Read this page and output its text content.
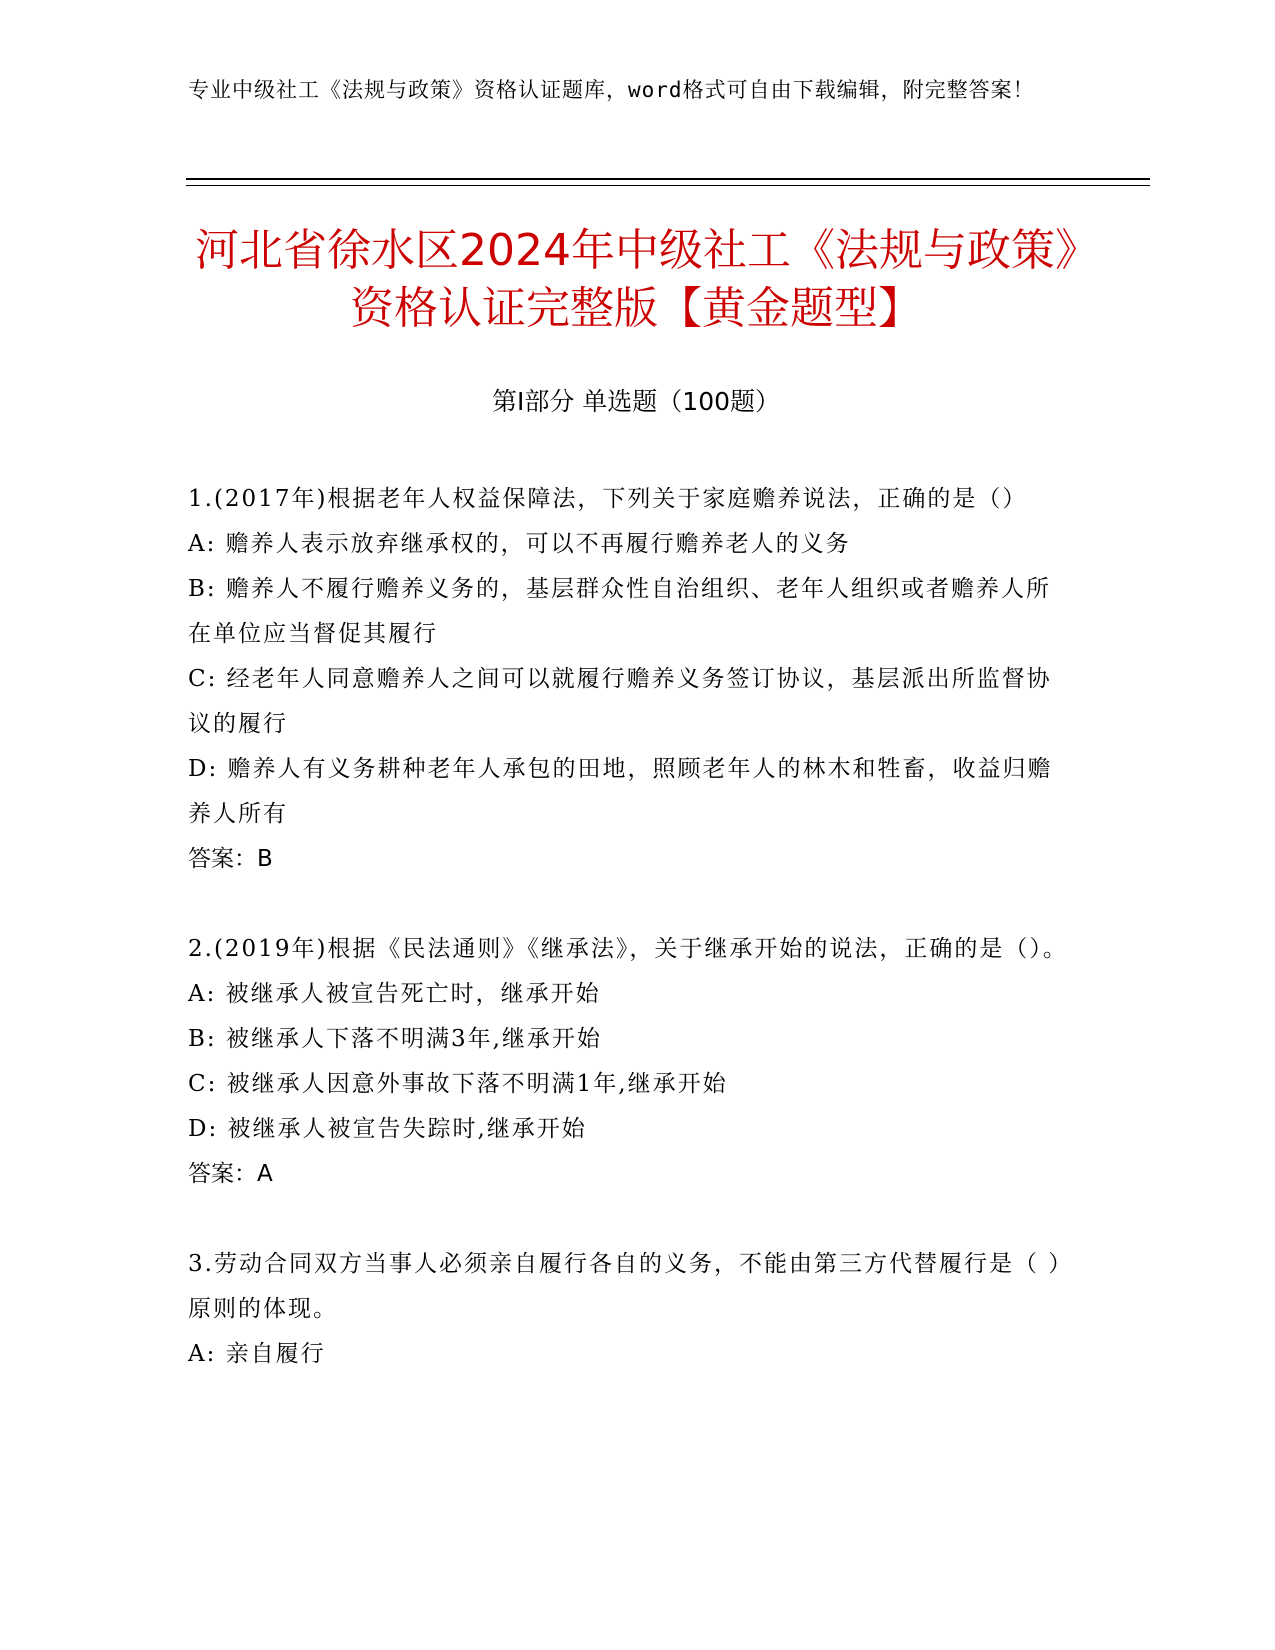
专业中级社工《法规与政策》资格认证题库，word格式可自由下载编辑，附完整答案！
河北省徐水区2024年中级社工《法规与政策》资格认证完整版【黄金题型】
第I部分 单选题（100题）

1.(2017年)根据老年人权益保障法，下列关于家庭赡养说法，正确的是（）

A: 赡养人表示放弃继承权的，可以不再履行赡养老人的义务

B: 赡养人不履行赡养义务的，基层群众性自治组织、老年人组织或者赡养人所在单位应当督促其履行

C: 经老年人同意赡养人之间可以就履行赡养义务签订协议，基层派出所监督协议的履行

D: 赡养人有义务耕种老年人承包的田地，照顾老年人的林木和牲畜，收益归赡养人所有

答案：B

2.(2019年)根据《民法通则》《继承法》，关于继承开始的说法，正确的是（）。

A: 被继承人被宣告死亡时，继承开始

B: 被继承人下落不明满3年,继承开始

C: 被继承人因意外事故下落不明满1年,继承开始

D: 被继承人被宣告失踪时,继承开始

答案：A

3.劳动合同双方当事人必须亲自履行各自的义务，不能由第三方代替履行是（ ）原则的体现。

A: 亲自履行
